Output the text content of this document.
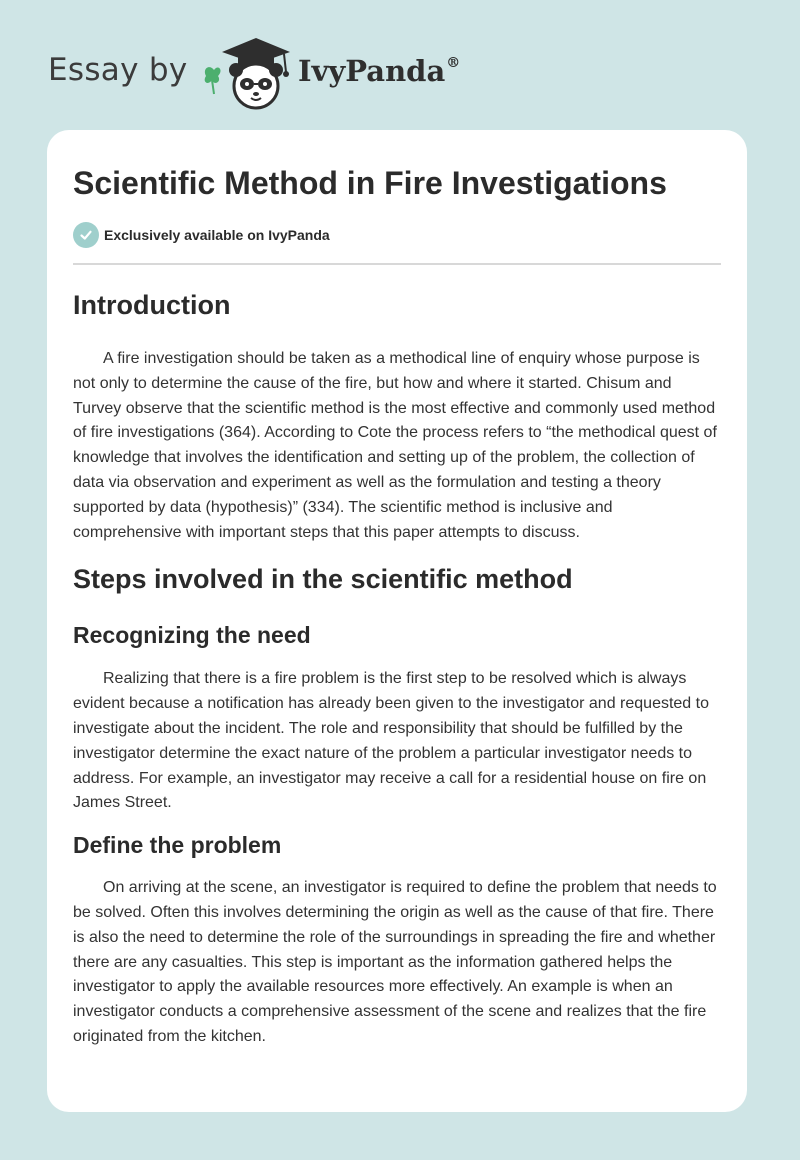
Essay by	IvyPanda®
Scientific Method in Fire Investigations
Exclusively available on IvyPanda
Introduction

A fire investigation should be taken as a methodical line of enquiry whose purpose is not only to determine the cause of the fire, but how and where it started. Chisum and Turvey observe that the scientific method is the most effective and commonly used method of fire investigations (364). According to Cote the process refers to “the methodical quest of knowledge that involves the identification and setting up of the problem, the collection of data via observation and experiment as well as the formulation and testing a theory supported by data (hypothesis)” (334). The scientific method is inclusive and comprehensive with important steps that this paper attempts to discuss.

Steps involved in the scientific method
Recognizing the need

Realizing that there is a fire problem is the first step to be resolved which is always evident because a notification has already been given to the investigator and requested to investigate about the incident. The role and responsibility that should be fulfilled by the investigator determine the exact nature of the problem a particular investigator needs to address. For example, an investigator may receive a call for a residential house on fire on James Street.

Define the problem

On arriving at the scene, an investigator is required to define the problem that needs to be solved. Often this involves determining the origin as well as the cause of that fire. There is also the need to determine the role of the surroundings in spreading the fire and whether there are any casualties. This step is important as the information gathered helps the investigator to apply the available resources more effectively. An example is when an investigator conducts a comprehensive assessment of the scene and realizes that the fire originated from the kitchen.
